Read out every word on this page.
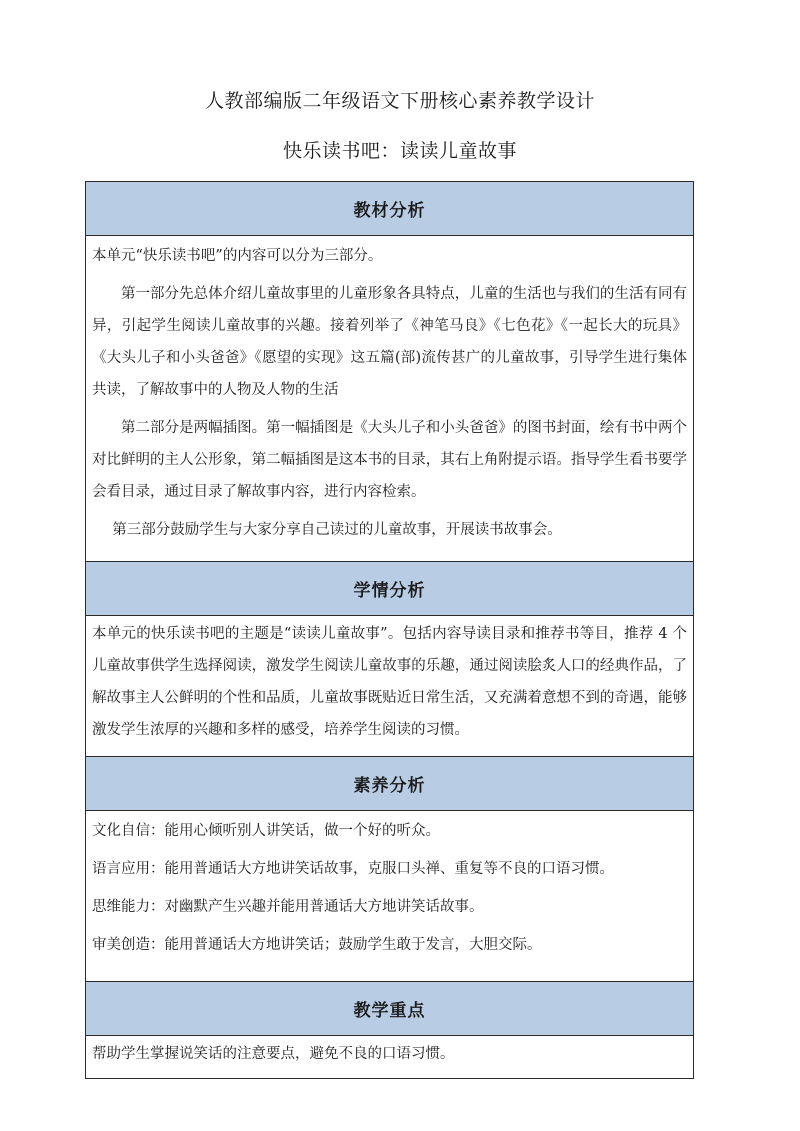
人教部编版二年级语文下册核心素养教学设计
快乐读书吧：读读儿童故事
教材分析

本单元“快乐读书吧”的内容可以分为三部分。

第一部分先总体介绍儿童故事里的儿童形象各具特点，儿童的生活也与我们的生活有同有异，引起学生阅读儿童故事的兴趣。接着列举了《神笔马良》《七色花》《一起长大的玩具》《大头儿子和小头爸爸》《愿望的实现》这五篇(部)流传甚广的儿童故事，引导学生进行集体共读，了解故事中的人物及人物的生活

第二部分是两幅插图。第一幅插图是《大头儿子和小头爸爸》的图书封面，绘有书中两个对比鲜明的主人公形象，第二幅插图是这本书的目录，其右上角附提示语。指导学生看书要学会看目录，通过目录了解故事内容，进行内容检索。

第三部分鼓励学生与大家分享自己读过的儿童故事，开展读书故事会。

学情分析

本单元的快乐读书吧的主题是“读读儿童故事”。包括内容导读目录和推荐书等目，推荐 4 个儿童故事供学生选择阅读，激发学生阅读儿童故事的乐趣，通过阅读脍炙人口的经典作品，了解故事主人公鲜明的个性和品质，儿童故事既贴近日常生活，又充满着意想不到的奇遇，能够激发学生浓厚的兴趣和多样的感受，培养学生阅读的习惯。

素养分析

文化自信：能用心倾听别人讲笑话，做一个好的听众。

语言应用：能用普通话大方地讲笑话故事，克服口头禅、重复等不良的口语习惯。

思维能力：对幽默产生兴趣并能用普通话大方地讲笑话故事。

审美创造：能用普通话大方地讲笑话；鼓励学生敢于发言，大胆交际。

教学重点

帮助学生掌握说笑话的注意要点，避免不良的口语习惯。
